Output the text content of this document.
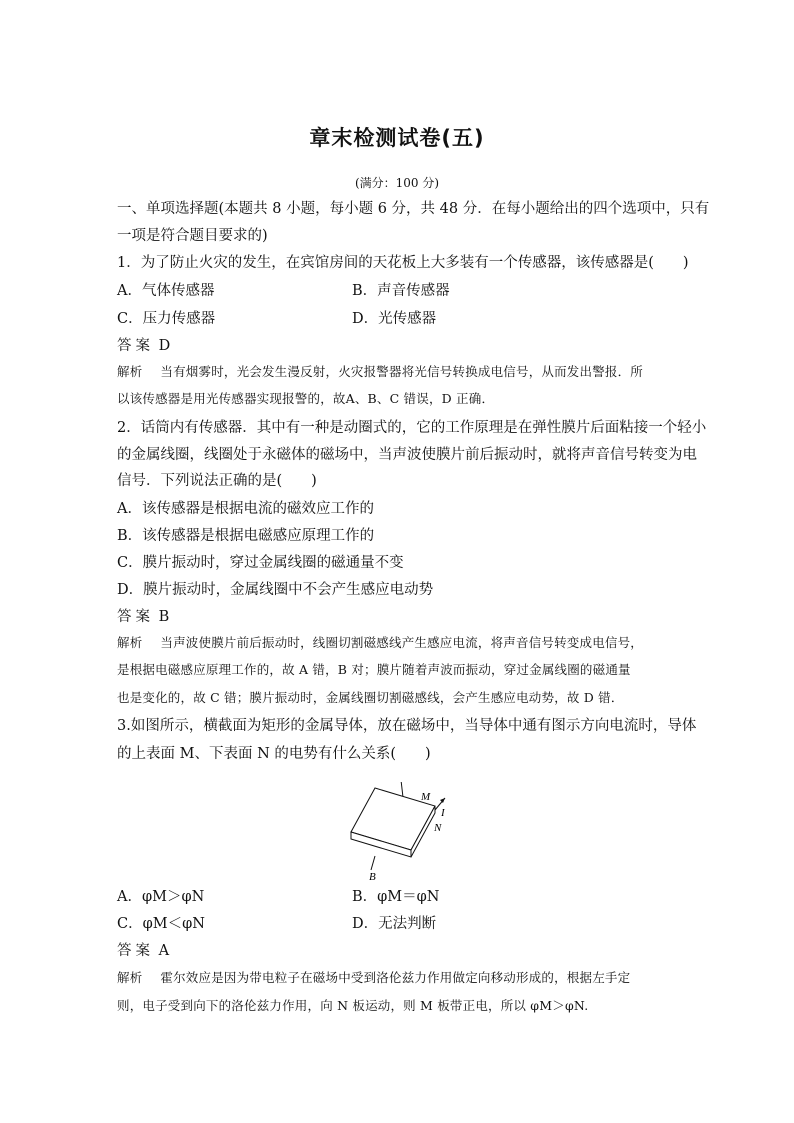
章末检测试卷(五)
(满分：100 分)
一、单项选择题(本题共 8 小题，每小题 6 分，共 48 分．在每小题给出的四个选项中，只有
一项是符合题目要求的)
1．为了防止火灾的发生，在宾馆房间的天花板上大多装有一个传感器，该传感器是(　　)
A．气体传感器	B．声音传感器
C．压力传感器	D．光传感器
答案 D
解析 当有烟雾时，光会发生漫反射，火灾报警器将光信号转换成电信号，从而发出警报．所
以该传感器是用光传感器实现报警的，故A、B、C 错误，D 正确．
2．话筒内有传感器．其中有一种是动圈式的，它的工作原理是在弹性膜片后面粘接一个轻小
的金属线圈，线圈处于永磁体的磁场中，当声波使膜片前后振动时，就将声音信号转变为电
信号．下列说法正确的是(　　)
A．该传感器是根据电流的磁效应工作的
B．该传感器是根据电磁感应原理工作的
C．膜片振动时，穿过金属线圈的磁通量不变
D．膜片振动时，金属线圈中不会产生感应电动势
答案 B
解析 当声波使膜片前后振动时，线圈切割磁感线产生感应电流，将声音信号转变成电信号，
是根据电磁感应原理工作的，故 A 错，B 对；膜片随着声波而振动，穿过金属线圈的磁通量
也是变化的，故 C 错；膜片振动时，金属线圈切割磁感线，会产生感应电动势，故 D 错．
3.如图所示，横截面为矩形的金属导体，放在磁场中，当导体中通有图示方向电流时，导体
的上表面 M、下表面 N 的电势有什么关系(　　)
M
I
N
B
A．φM＞φN	B．φM＝φN
C．φM＜φN	D．无法判断
答案 A
解析 霍尔效应是因为带电粒子在磁场中受到洛伦兹力作用做定向移动形成的，根据左手定
则，电子受到向下的洛伦兹力作用，向 N 板运动，则 M 板带正电，所以 φM＞φN.
